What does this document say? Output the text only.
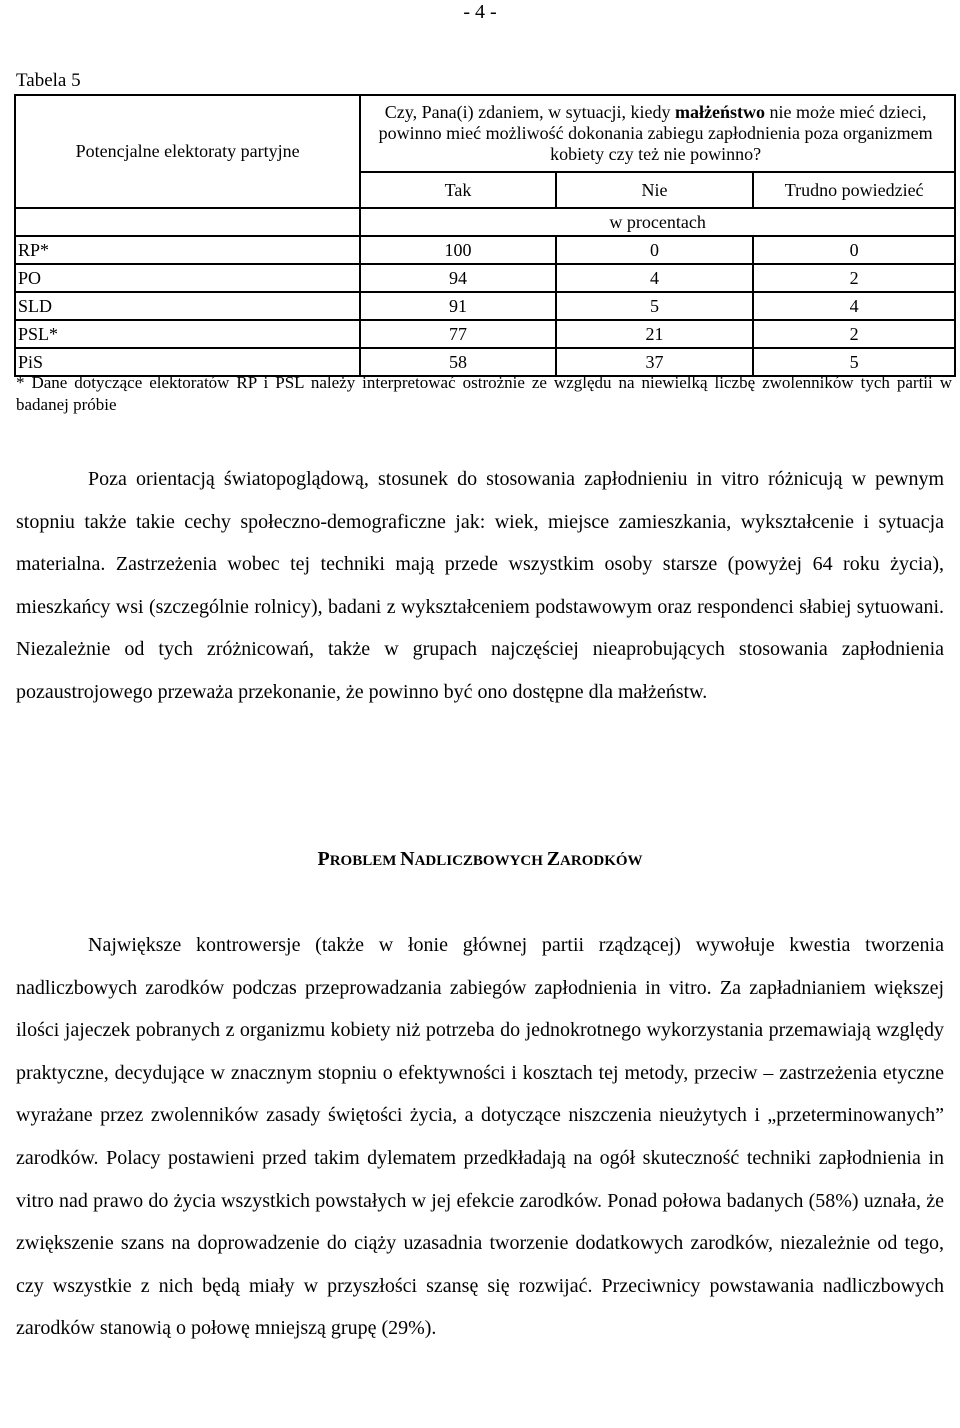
- 4 -
Tabela 5
Potencjalne elektoraty partyjne	Czy, Pana(i) zdaniem, w sytuacji, kiedy małżeństwo nie może mieć dzieci, powinno mieć możliwość dokonania zabiegu zapłodnienia poza organizmem kobiety czy też nie powinno?		
	Tak	Nie	Trudno powiedzieć
	w procentach		
RP*	100	0	0
PO	94	4	2
SLD	91	5	4
PSL*	77	21	2
PiS	58	37	5
* Dane dotyczące elektoratów RP i PSL należy interpretować ostrożnie ze względu na niewielką liczbę zwolenników tych partii w badanej próbie

Poza orientacją światopoglądową, stosunek do stosowania zapłodnieniu in vitro różnicują w pewnym stopniu także takie cechy społeczno-demograficzne jak: wiek, miejsce zamieszkania, wykształcenie i sytuacja materialna. Zastrzeżenia wobec tej techniki mają przede wszystkim osoby starsze (powyżej 64 roku życia), mieszkańcy wsi (szczególnie rolnicy), badani z wykształceniem podstawowym oraz respondenci słabiej sytuowani. Niezależnie od tych zróżnicowań, także w grupach najczęściej nieaprobujących stosowania zapłodnienia pozaustrojowego przeważa przekonanie, że powinno być ono dostępne dla małżeństw.

PROBLEM NADLICZBOWYCH ZARODKÓW

Największe kontrowersje (także w łonie głównej partii rządzącej) wywołuje kwestia tworzenia nadliczbowych zarodków podczas przeprowadzania zabiegów zapłodnienia in vitro. Za zapładnianiem większej ilości jajeczek pobranych z organizmu kobiety niż potrzeba do jednokrotnego wykorzystania przemawiają względy praktyczne, decydujące w znacznym stopniu o efektywności i kosztach tej metody, przeciw – zastrzeżenia etyczne wyrażane przez zwolenników zasady świętości życia, a dotyczące niszczenia nieużytych i „przeterminowanych” zarodków. Polacy postawieni przed takim dylematem przedkładają na ogół skuteczność techniki zapłodnienia in vitro nad prawo do życia wszystkich powstałych w jej efekcie zarodków. Ponad połowa badanych (58%) uznała, że zwiększenie szans na doprowadzenie do ciąży uzasadnia tworzenie dodatkowych zarodków, niezależnie od tego, czy wszystkie z nich będą miały w przyszłości szansę się rozwijać. Przeciwnicy powstawania nadliczbowych zarodków stanowią o połowę mniejszą grupę (29%).
